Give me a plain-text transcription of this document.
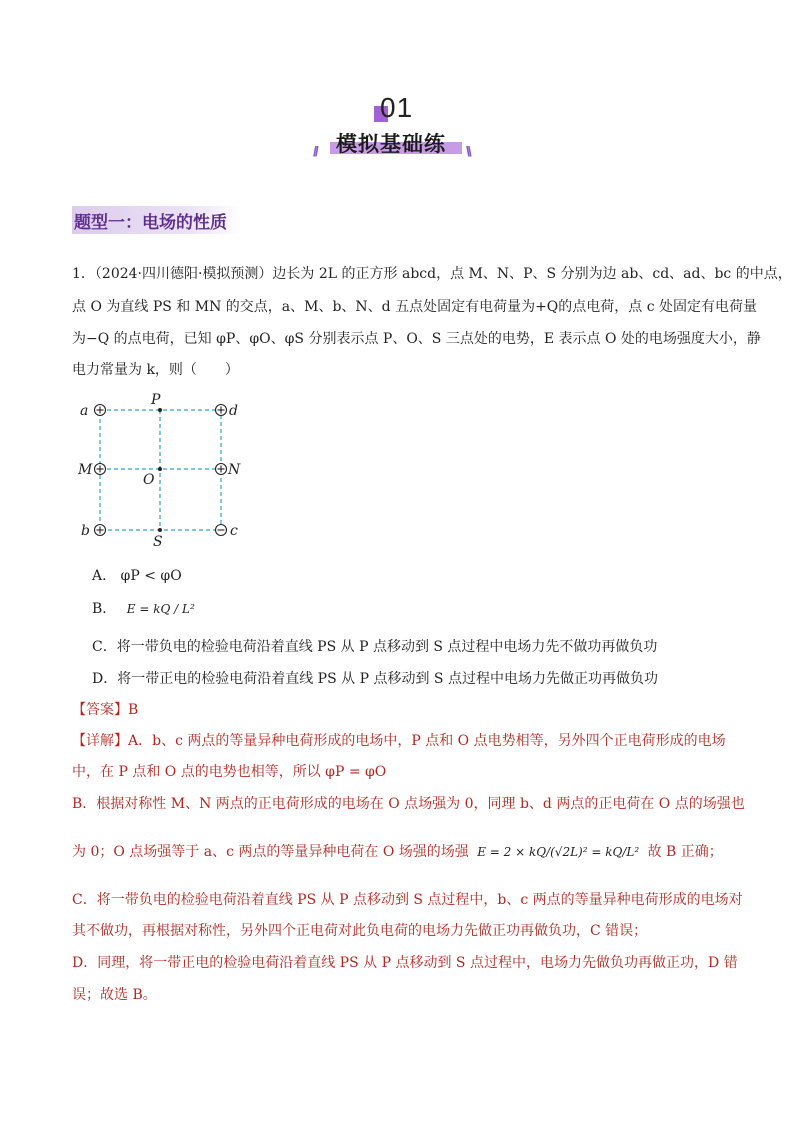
01
// 模拟基础练 \\
题型一：电场的性质
1．（2024·四川德阳·模拟预测）边长为 2L 的正方形 abcd，点 M、N、P、S 分别为边 ab、cd、ad、bc 的中点，
点 O 为直线 PS 和 MN 的交点，a、M、b、N、d 五点处固定有电荷量为+Q的点电荷，点 c 处固定有电荷量
为−Q 的点电荷，已知 φP、φO、φS 分别表示点 P、O、S 三点处的电势，E 表示点 O 处的电场强度大小，静
电力常量为 k，则（　　）
a
P
d
M
O
N
b
S
c
A． φP < φO
B． E = kQ / L²
C．将一带负电的检验电荷沿着直线 PS 从 P 点移动到 S 点过程中电场力先不做功再做负功
D．将一带正电的检验电荷沿着直线 PS 从 P 点移动到 S 点过程中电场力先做正功再做负功
【答案】B
【详解】A．b、c 两点的等量异种电荷形成的电场中，P 点和 O 点电势相等，另外四个正电荷形成的电场
中，在 P 点和 O 点的电势也相等，所以 φP = φO
B．根据对称性 M、N 两点的正电荷形成的电场在 O 点场强为 0，同理 b、d 两点的正电荷在 O 点的场强也
为 0；O 点场强等于 a、c 两点的等量异种电荷在 O 场强的场强 E = 2 × kQ/(√2L)² = kQ/L² 故 B 正确；
C．将一带负电的检验电荷沿着直线 PS 从 P 点移动到 S 点过程中，b、c 两点的等量异种电荷形成的电场对
其不做功，再根据对称性，另外四个正电荷对此负电荷的电场力先做正功再做负功，C 错误；
D．同理，将一带正电的检验电荷沿着直线 PS 从 P 点移动到 S 点过程中，电场力先做负功再做正功，D 错
误；故选 B。
